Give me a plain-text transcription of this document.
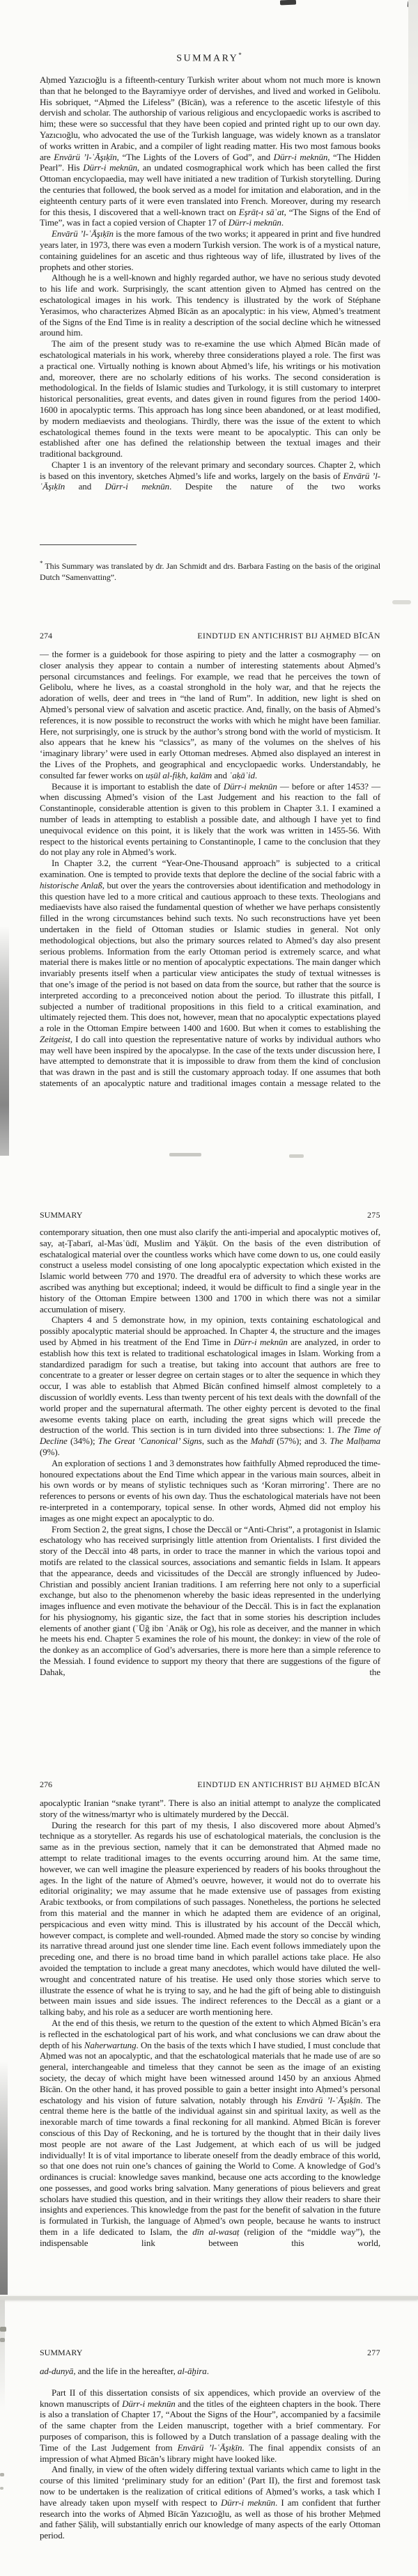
SUMMARY*

Aḥmed Yazıcıoğlu is a fifteenth-century Turkish writer about whom not much more is known than that he belonged to the Bayramiyye order of dervishes, and lived and worked in Gelibolu. His sobriquet, “Aḥmed the Lifeless” (Bīcān), was a reference to the ascetic lifestyle of this dervish and scholar. The authorship of various religious and encyclopaedic works is ascribed to him; these were so successful that they have been copied and printed right up to our own day. Yazıcıoğlu, who advocated the use of the Turkish language, was widely known as a translator of works written in Arabic, and a compiler of light reading matter. His two most famous books are Envārü ’l-ʿĀşıḳīn, “The Lights of the Lovers of God”, and Dürr-i meknūn, “The Hidden Pearl”. His Dürr-i meknūn, an undated cosmographical work which has been called the first Ottoman encyclopaedia, may well have initiated a new tradition of Turkish storytelling. During the centuries that followed, the book served as a model for imitation and elaboration, and in the eighteenth century parts of it were even translated into French. Moreover, during my research for this thesis, I discovered that a well-known tract on Eşrāṭ-ı sāʿat, “The Signs of the End of Time”, was in fact a copied version of Chapter 17 of Dürr-i meknūn.

Envārü ’l-ʿĀşıḳīn is the more famous of the two works; it appeared in print and five hundred years later, in 1973, there was even a modern Turkish version. The work is of a mystical nature, containing guidelines for an ascetic and thus righteous way of life, illustrated by lives of the prophets and other stories.

Although he is a well-known and highly regarded author, we have no serious study devoted to his life and work. Surprisingly, the scant attention given to Aḥmed has centred on the eschatological images in his work. This tendency is illustrated by the work of Stéphane Yerasimos, who characterizes Aḥmed Bīcān as an apocalyptic: in his view, Aḥmed’s treatment of the Signs of the End Time is in reality a description of the social decline which he witnessed around him.

The aim of the present study was to re-examine the use which Aḥmed Bīcān made of eschatological materials in his work, whereby three considerations played a role. The first was a practical one. Virtually nothing is known about Aḥmed’s life, his writings or his motivation and, moreover, there are no scholarly editions of his works. The second consideration is methodological. In the fields of Islamic studies and Turkology, it is still customary to interpret historical personalities, great events, and dates given in round figures from the period 1400-1600 in apocalyptic terms. This approach has long since been abandoned, or at least modified, by modern mediaevists and theologians. Thirdly, there was the issue of the extent to which eschatological themes found in the texts were meant to be apocalyptic. This can only be established after one has defined the relationship between the textual images and their traditional background.

Chapter 1 is an inventory of the relevant primary and secondary sources. Chapter 2, which is based on this inventory, sketches Aḥmed’s life and works, largely on the basis of Envārü ’l-ʿĀşıḳīn and Dürr-i meknūn. Despite the nature of the two works

* This Summary was translated by dr. Jan Schmidt and drs. Barbara Fasting on the basis of the original Dutch “Samenvatting”.

274	EINDTIJD EN ANTICHRIST BIJ AḤMED BĪCĀN

— the former is a guidebook for those aspiring to piety and the latter a cosmography — on closer analysis they appear to contain a number of interesting statements about Aḥmed’s personal circumstances and feelings. For example, we read that he perceives the town of Gelibolu, where he lives, as a coastal stronghold in the holy war, and that he rejects the adoration of wells, deer and trees in “the land of Rum”. In addition, new light is shed on Aḥmed’s personal view of salvation and ascetic practice. And, finally, on the basis of Aḥmed’s references, it is now possible to reconstruct the works with which he might have been familiar. Here, not surprisingly, one is struck by the author’s strong bond with the world of mysticism. It also appears that he knew his “classics”, as many of the volumes on the shelves of his ‘imaginary library’ were used in early Ottoman medreses. Aḥmed also displayed an interest in the Lives of the Prophets, and geographical and encyclopaedic works. Understandably, he consulted far fewer works on uṣūl al-fiḳh, kalām and ʿaḳāʾid.

Because it is important to establish the date of Dürr-i meknūn — before or after 1453? — when discussing Aḥmed’s vision of the Last Judgement and his reaction to the fall of Constantinople, considerable attention is given to this problem in Chapter 3.1. I examined a number of leads in attempting to establish a possible date, and although I have yet to find unequivocal evidence on this point, it is likely that the work was written in 1455-56. With respect to the historical events pertaining to Constantinople, I came to the conclusion that they do not play any role in Aḥmed’s work.

In Chapter 3.2, the current “Year-One-Thousand approach” is subjected to a critical examination. One is tempted to provide texts that deplore the decline of the social fabric with a historische Anlaß, but over the years the controversies about identification and methodology in this question have led to a more critical and cautious approach to these texts. Theologians and mediaevists have also raised the fundamental question of whether we have perhaps consistently filled in the wrong circumstances behind such texts. No such reconstructions have yet been undertaken in the field of Ottoman studies or Islamic studies in general. Not only methodological objections, but also the primary sources related to Aḥmed’s day also present serious problems. Information from the early Ottoman period is extremely scarce, and what material there is makes little or no mention of apocalyptic expectations. The main danger which invariably presents itself when a particular view anticipates the study of textual witnesses is that one’s image of the period is not based on data from the source, but rather that the source is interpreted according to a preconceived notion about the period. To illustrate this pitfall, I subjected a number of traditional propositions in this field to a critical examination, and ultimately rejected them. This does not, however, mean that no apocalyptic expectations played a role in the Ottoman Empire between 1400 and 1600. But when it comes to establishing the Zeitgeist, I do call into question the representative nature of works by individual authors who may well have been inspired by the apocalypse. In the case of the texts under discussion here, I have attempted to demonstrate that it is impossible to draw from them the kind of conclusion that was drawn in the past and is still the customary approach today. If one assumes that both statements of an apocalyptic nature and traditional images contain a message related to the

SUMMARY	275

contemporary situation, then one must also clarify the anti-imperial and apocalyptic motives of, say, aṭ-Ṭabarī, al-Masʿūdī, Muslim and Yāḳūt. On the basis of the even distribution of eschatalogical material over the countless works which have come down to us, one could easily construct a useless model consisting of one long apocalyptic expectation which existed in the Islamic world between 770 and 1970. The dreadful era of adversity to which these works are ascribed was anything but exceptional; indeed, it would be difficult to find a single year in the history of the Ottoman Empire between 1300 and 1700 in which there was not a similar accumulation of misery.

Chapters 4 and 5 demonstrate how, in my opinion, texts containing eschatological and possibly apocalyptic material should be approached. In Chapter 4, the structure and the images used by Aḥmed in his treatment of the End Time in Dürr-i meknūn are analyzed, in order to establish how this text is related to traditional eschatological images in Islam. Working from a standardized paradigm for such a treatise, but taking into account that authors are free to concentrate to a greater or lesser degree on certain stages or to alter the sequence in which they occur, I was able to establish that Aḥmed Bīcān confined himself almost completely to a discussion of worldly events. Less than twenty percent of his text deals with the downfall of the world proper and the supernatural aftermath. The other eighty percent is devoted to the final awesome events taking place on earth, including the great signs which will precede the destruction of the world. This section is in turn divided into three subsections: 1. The Time of Decline (34%); The Great ’Canonical’ Signs, such as the Mahdī (57%); and 3. The Malḥama (9%).

An exploration of sections 1 and 3 demonstrates how faithfully Aḥmed reproduced the time-honoured expectations about the End Time which appear in the various main sources, albeit in his own words or by means of stylistic techniques such as ‘Koran mirroring’. There are no references to persons or events of his own day. Thus the eschatological materials have not been re-interpreted in a contemporary, topical sense. In other words, Aḥmed did not employ his images as one might expect an apocalyptic to do.

From Section 2, the great signs, I chose the Deccāl or “Anti-Christ”, a protagonist in Islamic eschatology who has received surprisingly little attention from Orientalists. I first divided the story of the Deccāl into 48 parts, in order to trace the manner in which the various topoi and motifs are related to the classical sources, associations and semantic fields in Islam. It appears that the appearance, deeds and vicissitudes of the Deccāl are strongly influenced by Judeo-Christian and possibly ancient Iranian traditions. I am referring here not only to a superficial exchange, but also to the phenomenon whereby the basic ideas represented in the underlying images influence and even motivate the behaviour of the Deccāl. This is in fact the explanation for his physiognomy, his gigantic size, the fact that in some stories his description includes elements of another giant (ʿŪğ ibn ʿAnāḳ or Og), his role as deceiver, and the manner in which he meets his end. Chapter 5 examines the role of his mount, the donkey: in view of the role of the donkey as an accomplice of God’s adversaries, there is more here than a simple reference to the Messiah. I found evidence to support my theory that there are suggestions of the figure of Dahak, the

276	EINDTIJD EN ANTICHRIST BIJ AḤMED BĪCĀN

apocalyptic Iranian “snake tyrant”. There is also an initial attempt to analyze the complicated story of the witness/martyr who is ultimately murdered by the Deccāl.

During the research for this part of my thesis, I also discovered more about Aḥmed’s technique as a storyteller. As regards his use of eschatological materials, the conclusion is the same as in the previous section, namely that it can be demonstrated that Aḥmed made no attempt to relate traditional images to the events occurring around him. At the same time, however, we can well imagine the pleasure experienced by readers of his books throughout the ages. In the light of the nature of Aḥmed’s oeuvre, however, it would not do to overrate his editorial originality; we may assume that he made extensive use of passages from existing Arabic textbooks, or from compilations of such passages. Nonetheless, the portions he selected from this material and the manner in which he adapted them are evidence of an original, perspicacious and even witty mind. This is illustrated by his account of the Deccāl which, however compact, is complete and well-rounded. Aḥmed made the story so concise by winding its narrative thread around just one slender time line. Each event follows immediately upon the preceding one, and there is no broad time band in which parallel actions take place. He also avoided the temptation to include a great many anecdotes, which would have diluted the well-wrought and concentrated nature of his treatise. He used only those stories which serve to illustrate the essence of what he is trying to say, and he had the gift of being able to distinguish between main issues and side issues. The indirect references to the Deccāl as a giant or a talking baby, and his role as a seducer are worth mentioning here.

At the end of this thesis, we return to the question of the extent to which Aḥmed Bīcān’s era is reflected in the eschatological part of his work, and what conclusions we can draw about the depth of his Naherwartung. On the basis of the texts which I have studied, I must conclude that Aḥmed was not an apocalyptic, and that the eschatological materials that he made use of are so general, interchangeable and timeless that they cannot be seen as the image of an existing society, the decay of which might have been witnessed around 1450 by an anxious Aḥmed Bīcān. On the other hand, it has proved possible to gain a better insight into Aḥmed’s personal eschatology and his vision of future salvation, notably through his Envārü ’l-ʿĀşıḳīn. The central theme here is the battle of the individual against sin and spiritual laxity, as well as the inexorable march of time towards a final reckoning for all mankind. Aḥmed Bīcān is forever conscious of this Day of Reckoning, and he is tortured by the thought that in their daily lives most people are not aware of the Last Judgement, at which each of us will be judged individually! It is of vital importance to liberate oneself from the deadly embrace of this world, so that one does not ruin one’s chances of gaining the World to Come. A knowledge of God’s ordinances is crucial: knowledge saves mankind, because one acts according to the knowledge one possesses, and good works bring salvation. Many generations of pious believers and great scholars have studied this question, and in their writings they allow their readers to share their insights and experiences. This knowledge from the past for the benefit of salvation in the future is formulated in Turkish, the language of Aḥmed’s own people, because he wants to instruct them in a life dedicated to Islam, the dīn al-wasaṭ (religion of the “middle way”), the indispensable link between this world,

SUMMARY	277

ad-dunyā, and the life in the hereafter, al-āḫira.

Part II of this dissertation consists of six appendices, which provide an overview of the known manuscripts of Dürr-i meknūn and the titles of the eighteen chapters in the book. There is also a translation of Chapter 17, “About the Signs of the Hour”, accompanied by a facsimile of the same chapter from the Leiden manuscript, together with a brief commentary. For purposes of comparison, this is followed by a Dutch translation of a passage dealing with the Time of the Last Judgement from Envārü ’l-ʿĀşıḳīn. The final appendix consists of an impression of what Aḥmed Bīcān’s library might have looked like.

And finally, in view of the often widely differing textual variants which came to light in the course of this limited ‘preliminary study for an edition’ (Part II), the first and foremost task now to be undertaken is the realization of critical editions of Aḥmed’s works, a task which I have already taken upon myself with respect to Dürr-i meknūn. I am confident that further research into the works of Aḥmed Bīcān Yazıcıoğlu, as well as those of his brother Meḥmed and father Ṣāliḥ, will substantially enrich our knowledge of many aspects of the early Ottoman period.
